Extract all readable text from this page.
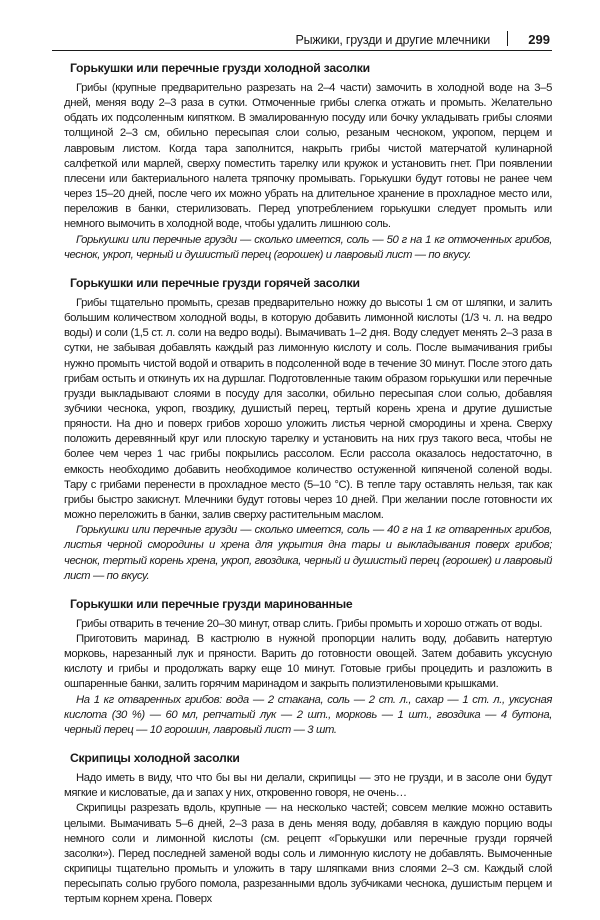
Рыжики, грузди и другие млечники	299
Горькушки или перечные грузди холодной засолки

Грибы (крупные предварительно разрезать на 2–4 части) замочить в холодной воде на 3–5 дней, меняя воду 2–3 раза в сутки. Отмоченные грибы слегка отжать и промыть. Желательно обдать их подсоленным кипятком. В эмалированную посуду или бочку укладывать грибы слоями толщиной 2–3 см, обильно пересыпая слои солью, резаным чесноком, укропом, перцем и лавровым листом. Когда тара заполнится, накрыть грибы чистой матерчатой кулинарной салфеткой или марлей, сверху поместить тарелку или кружок и установить гнет. При появлении плесени или бактериального налета тряпочку промывать. Горькушки будут готовы не ранее чем через 15–20 дней, после чего их можно убрать на длительное хранение в прохладное место или, переложив в банки, стерилизовать. Перед употреблением горькушки следует промыть или немного вымочить в холодной воде, чтобы удалить лишнюю соль.

Горькушки или перечные грузди — сколько имеется, соль — 50 г на 1 кг отмоченных грибов, чеснок, укроп, черный и душистый перец (горошек) и лавровый лист — по вкусу.

Горькушки или перечные грузди горячей засолки

Грибы тщательно промыть, срезав предварительно ножку до высоты 1 см от шляпки, и залить большим количеством холодной воды, в которую добавить лимонной кислоты (1/3 ч. л. на ведро воды) и соли (1,5 ст. л. соли на ведро воды). Вымачивать 1–2 дня. Воду следует менять 2–3 раза в сутки, не забывая добавлять каждый раз лимонную кислоту и соль. После вымачивания грибы нужно промыть чистой водой и отварить в подсоленной воде в течение 30 минут. После этого дать грибам остыть и откинуть их на дуршлаг. Подготовленные таким образом горькушки или перечные грузди выкладывают слоями в посуду для засолки, обильно пересыпая слои солью, добавляя зубчики чеснока, укроп, гвоздику, душистый перец, тертый корень хрена и другие душистые пряности. На дно и поверх грибов хорошо уложить листья черной смородины и хрена. Сверху положить деревянный круг или плоскую тарелку и установить на них груз такого веса, чтобы не более чем через 1 час грибы покрылись рассолом. Если рассола оказалось недостаточно, в емкость необходимо добавить необходимое количество остуженной кипяченой соленой воды. Тару с грибами перенести в прохладное место (5–10 °С). В тепле тару оставлять нельзя, так как грибы быстро закиснут. Млечники будут готовы через 10 дней. При желании после готовности их можно переложить в банки, залив сверху растительным маслом.

Горькушки или перечные грузди — сколько имеется, соль — 40 г на 1 кг отваренных грибов, листья черной смородины и хрена для укрытия дна тары и выкладывания поверх грибов; чеснок, тертый корень хрена, укроп, гвоздика, черный и душистый перец (горошек) и лавровый лист — по вкусу.

Горькушки или перечные грузди маринованные

Грибы отварить в течение 20–30 минут, отвар слить. Грибы промыть и хорошо отжать от воды.

Приготовить маринад. В кастрюлю в нужной пропорции налить воду, добавить натертую морковь, нарезанный лук и пряности. Варить до готовности овощей. Затем добавить уксусную кислоту и грибы и продолжать варку еще 10 минут. Готовые грибы процедить и разложить в ошпаренные банки, залить горячим маринадом и закрыть полиэтиленовыми крышками.

На 1 кг отваренных грибов: вода — 2 стакана, соль — 2 ст. л., сахар — 1 ст. л., уксусная кислота (30 %) — 60 мл, репчатый лук — 2 шт., морковь — 1 шт., гвоздика — 4 бутона, черный перец — 10 горошин, лавровый лист — 3 шт.

Скрипицы холодной засолки

Надо иметь в виду, что что бы вы ни делали, скрипицы — это не грузди, и в засоле они будут мягкие и кисловатые, да и запах у них, откровенно говоря, не очень…

Скрипицы разрезать вдоль, крупные — на несколько частей; совсем мелкие можно оставить целыми. Вымачивать 5–6 дней, 2–3 раза в день меняя воду, добавляя в каждую порцию воды немного соли и лимонной кислоты (см. рецепт «Горькушки или перечные грузди горячей засолки»). Перед последней заменой воды соль и лимонную кислоту не добавлять. Вымоченные скрипицы тщательно промыть и уложить в тару шляпками вниз слоями 2–3 см. Каждый слой пересыпать солью грубого помола, разрезанными вдоль зубчиками чеснока, душистым перцем и тертым корнем хрена. Поверх
